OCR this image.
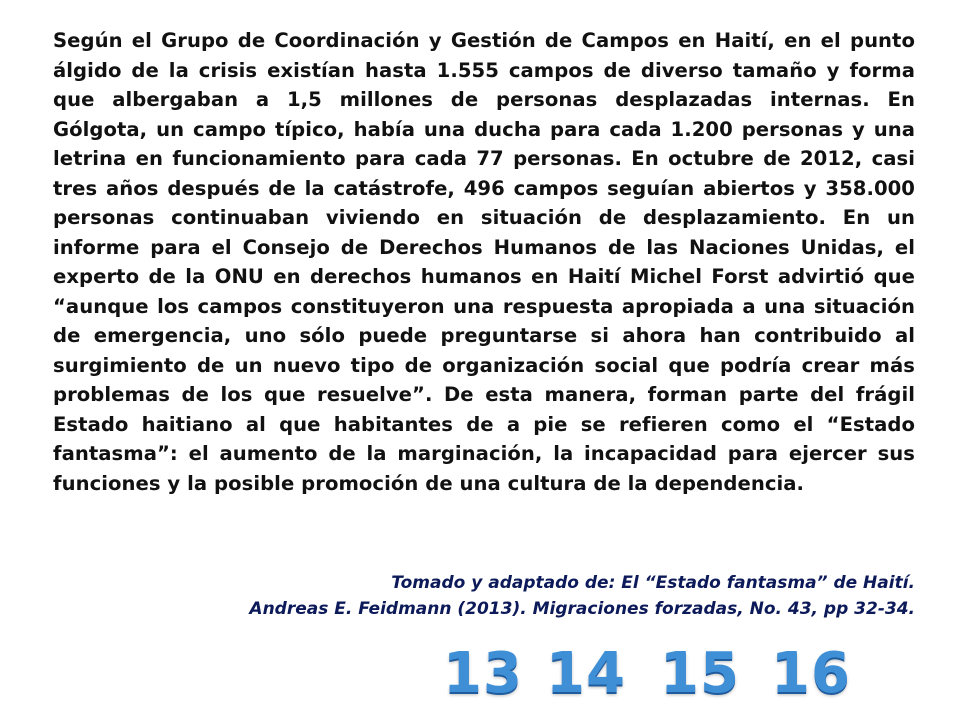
Según el Grupo de Coordinación y Gestión de Campos en Haití, en el punto álgido de la crisis existían hasta 1.555 campos de diverso tamaño y forma que albergaban a 1,5 millones de personas desplazadas internas. En Gólgota, un campo típico, había una ducha para cada 1.200 personas y una letrina en funcionamiento para cada 77 personas. En octubre de 2012, casi tres años después de la catástrofe, 496 campos seguían abiertos y 358.000 personas continuaban viviendo en situación de desplazamiento. En un informe para el Consejo de Derechos Humanos de las Naciones Unidas, el experto de la ONU en derechos humanos en Haití Michel Forst advirtió que “aunque los campos constituyeron una respuesta apropiada a una situación de emergencia, uno sólo puede preguntarse si ahora han contribuido al surgimiento de un nuevo tipo de organización social que podría crear más problemas de los que resuelve”. De esta manera, forman parte del frágil Estado haitiano al que habitantes de a pie se refieren como el “Estado fantasma”: el aumento de la marginación, la incapacidad para ejercer sus funciones y la posible promoción de una cultura de la dependencia.

Tomado y adaptado de: El “Estado fantasma” de Haití.
Andreas E. Feidmann (2013). Migraciones forzadas, No. 43, pp 32-34.
13 14 15 16
